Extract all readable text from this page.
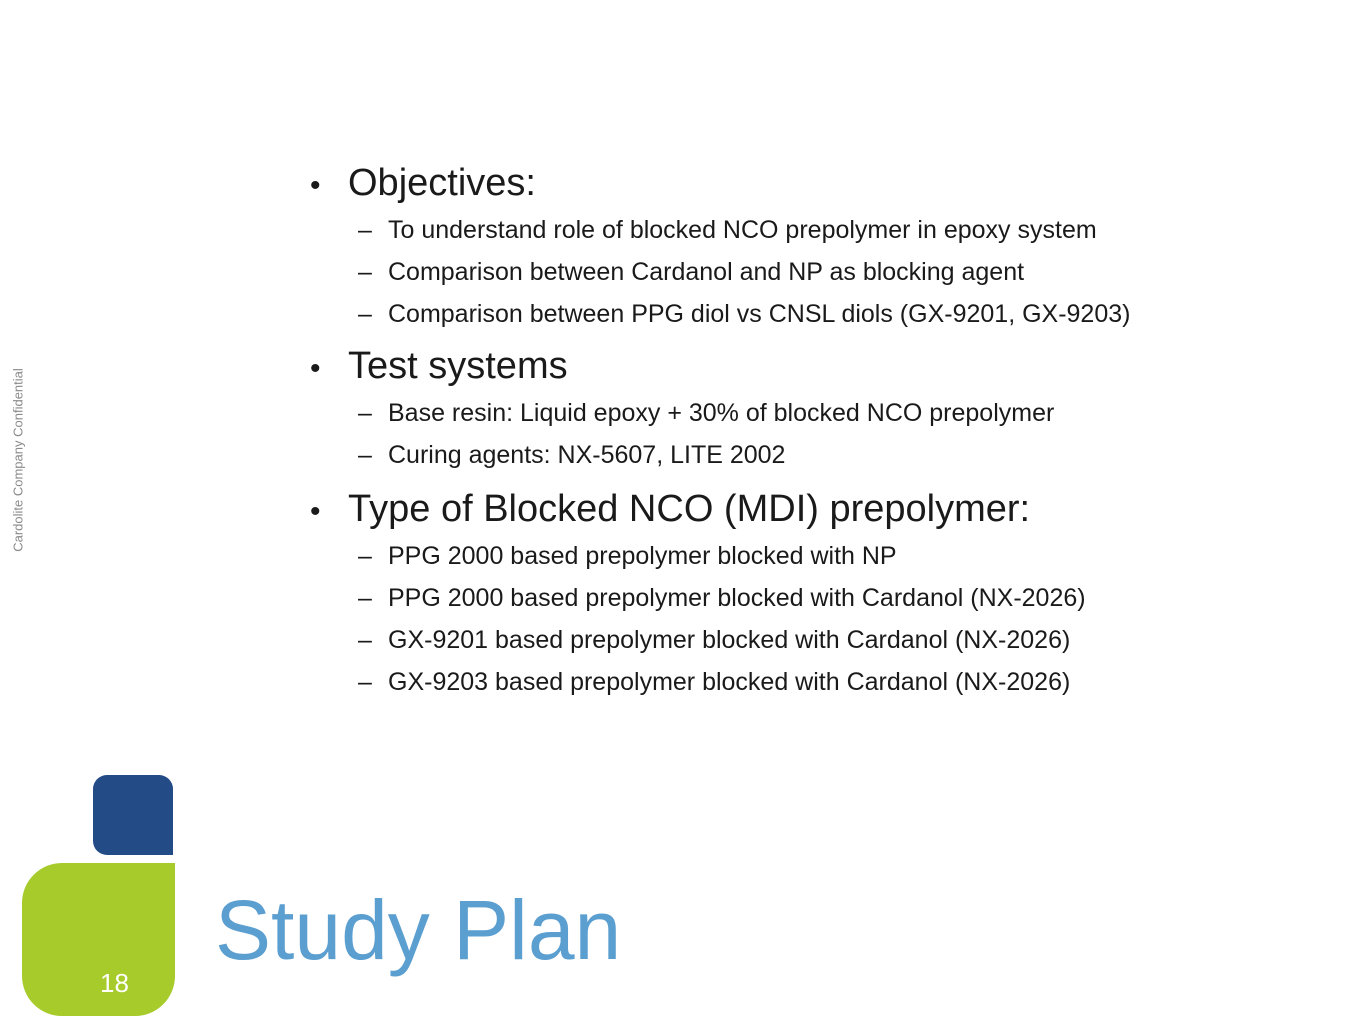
Cardolite Company Confidential
• Objectives:
– To understand role of blocked NCO prepolymer in epoxy system
– Comparison between Cardanol and NP as blocking agent
– Comparison between PPG diol vs CNSL diols (GX-9201, GX-9203)
• Test systems
– Base resin: Liquid epoxy + 30% of blocked NCO prepolymer
– Curing agents: NX-5607, LITE 2002
• Type of Blocked NCO (MDI) prepolymer:
– PPG 2000 based prepolymer blocked with NP
– PPG 2000 based prepolymer blocked with Cardanol (NX-2026)
– GX-9201 based prepolymer blocked with Cardanol (NX-2026)
– GX-9203 based prepolymer blocked with Cardanol (NX-2026)
18
Study Plan
